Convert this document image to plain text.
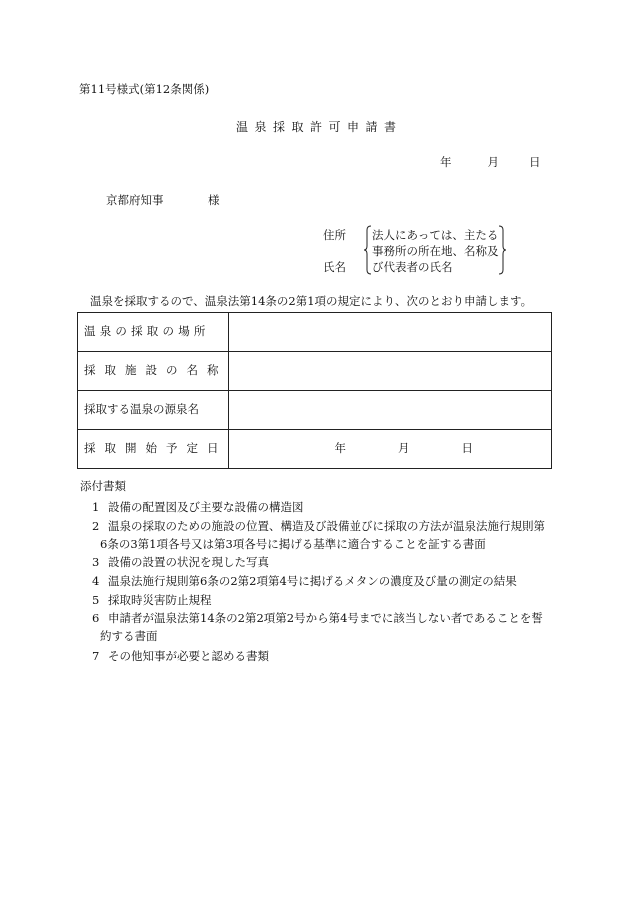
第11号様式(第12条関係)
温泉採取許可申請書
年	月	日
京都府知事	様
住所
氏名
法人にあっては、主たる
事務所の所在地、名称及
び代表者の氏名
温泉を採取するので、温泉法第14条の2第1項の規定により、次のとおり申請します。
温泉の採取の場所	
採取施設の名称	
採取する温泉の源泉名	
採取開始予定日	年 月 日
添付書類
1 設備の配置図及び主要な設備の構造図
2 温泉の採取のための施設の位置、構造及び設備並びに採取の方法が温泉法施行規則第
6条の3第1項各号又は第3項各号に掲げる基準に適合することを証する書面
3 設備の設置の状況を現した写真
4 温泉法施行規則第6条の2第2項第4号に掲げるメタンの濃度及び量の測定の結果
5 採取時災害防止規程
6 申請者が温泉法第14条の2第2項第2号から第4号までに該当しない者であることを誓
約する書面
7 その他知事が必要と認める書類
